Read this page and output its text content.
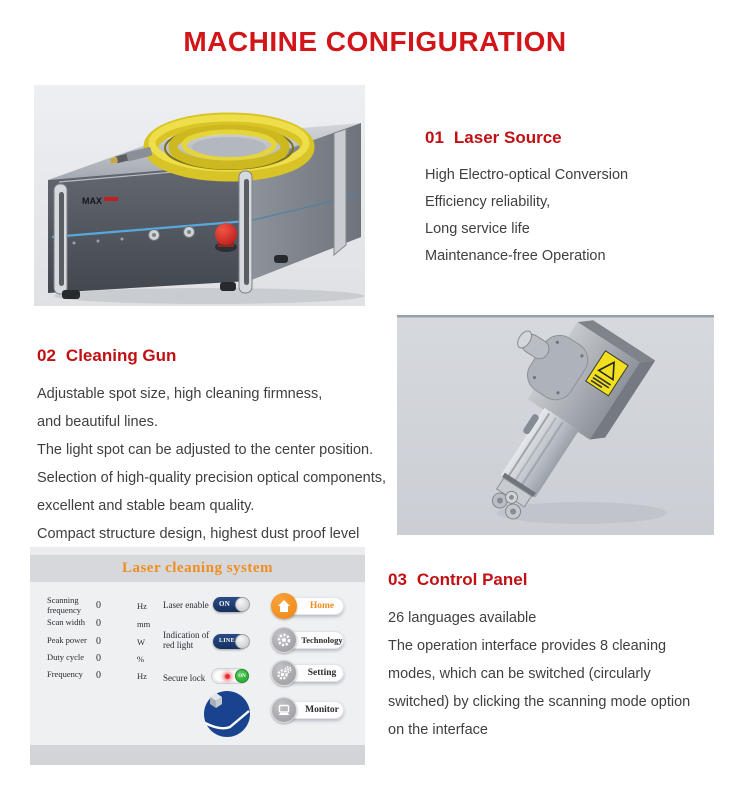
MACHINE CONFIGURATION
MAX
01 Laser Source
High Electro-optical Conversion
Efficiency reliability,
Long service life
Maintenance-free Operation
02 Cleaning Gun
Adjustable spot size, high cleaning firmness,
and beautiful lines.
The light spot can be adjusted to the center position.
Selection of high-quality precision optical components,
excellent and stable beam quality.
Compact structure design, highest dust proof level
Laser cleaning system
Scanning frequency	0	Hz
Scan width	0	mm
Peak power 0	W
Duty cycle	0	%
Frequency	0	Hz
Laser enable	ON
Indication of red light	LINE
Secure lock	ON
Home
Technology
Setting
Monitor
03 Control Panel
26 languages available
The operation interface provides 8 cleaning
modes, which can be switched (circularly
switched) by clicking the scanning mode option
on the interface
